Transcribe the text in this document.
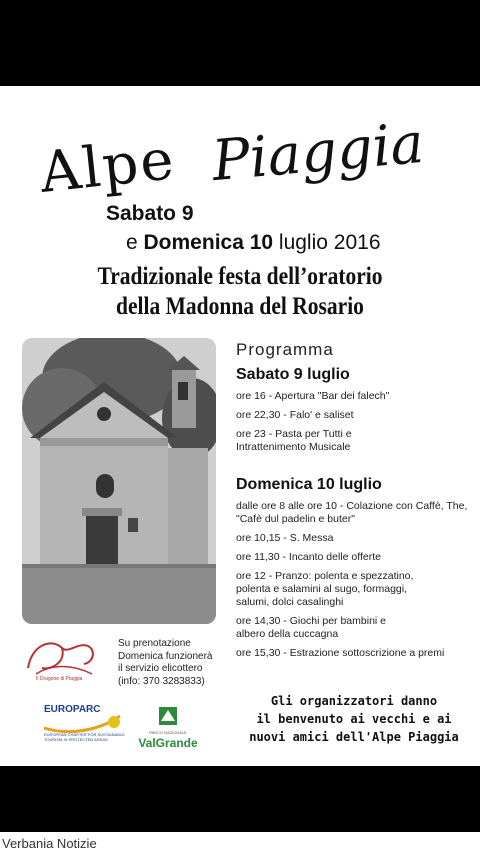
Alpe Piaggia
Sabato 9
e Domenica 10 luglio 2016
Tradizionale festa dell’oratorio
della Madonna del Rosario
Programma
Sabato 9 luglio
ore 16 - Apertura "Bar dei falech"
ore 22,30 - Falo' e saliset
ore 23 - Pasta per Tutti e Intrattenimento Musicale
Domenica 10 luglio
dalle ore 8 alle ore 10 - Colazione con Caffè, The, "Cafè dul padelin e buter"
ore 10,15 - S. Messa
ore 11,30 - Incanto delle offerte
ore 12 - Pranzo: polenta e spezzatino, polenta e salamini al sugo, formaggi, salumi, dolci casalinghi
ore 14,30 - Giochi per bambini e albero della cuccagna
ore 15,30 - Estrazione sottoscrizione a premi
Il Dragone di Piaggia
Su prenotazione
Domenica funzionerà
il servizio elicottero
(info: 370 3283833)
EUROPARC
EUROPEAN CHARTER FOR SUSTAINABLE TOURISM IN PROTECTED AREAS
PARCO NAZIONALE
ValGrande
Gli organizzatori danno
il benvenuto ai vecchi e ai
nuovi amici dell'Alpe Piaggia
Verbania Notizie
